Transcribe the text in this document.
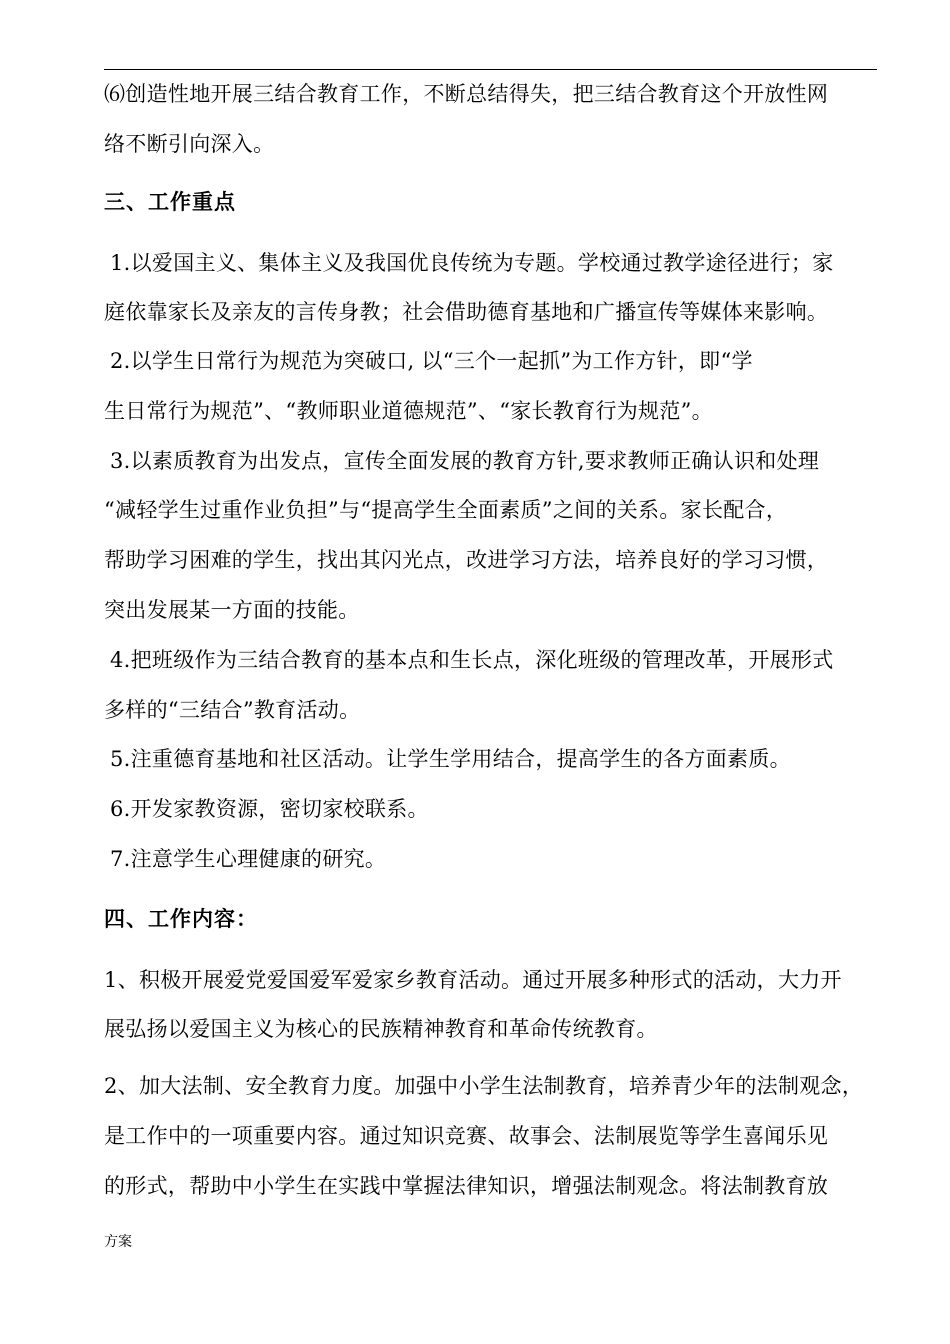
⑹创造性地开展三结合教育工作，不断总结得失，把三结合教育这个开放性网
络不断引向深入。
三、工作重点
1.以爱国主义、集体主义及我国优良传统为专题。学校通过教学途径进行；家
庭依靠家长及亲友的言传身教；社会借助德育基地和广播宣传等媒体来影响。
2.以学生日常行为规范为突破口, 以“三个一起抓”为工作方针，即“学
生日常行为规范”、“教师职业道德规范”、“家长教育行为规范”。
3.以素质教育为出发点，宣传全面发展的教育方针,要求教师正确认识和处理
“减轻学生过重作业负担”与“提高学生全面素质”之间的关系。家长配合，
帮助学习困难的学生，找出其闪光点，改进学习方法，培养良好的学习习惯，
突出发展某一方面的技能。
4.把班级作为三结合教育的基本点和生长点，深化班级的管理改革，开展形式
多样的“三结合”教育活动。
5.注重德育基地和社区活动。让学生学用结合，提高学生的各方面素质。
6.开发家教资源，密切家校联系。
7.注意学生心理健康的研究。
四、工作内容：
1、积极开展爱党爱国爱军爱家乡教育活动。通过开展多种形式的活动，大力开
展弘扬以爱国主义为核心的民族精神教育和革命传统教育。
2、加大法制、安全教育力度。加强中小学生法制教育，培养青少年的法制观念，
是工作中的一项重要内容。通过知识竞赛、故事会、法制展览等学生喜闻乐见
的形式，帮助中小学生在实践中掌握法律知识，增强法制观念。将法制教育放
方案
